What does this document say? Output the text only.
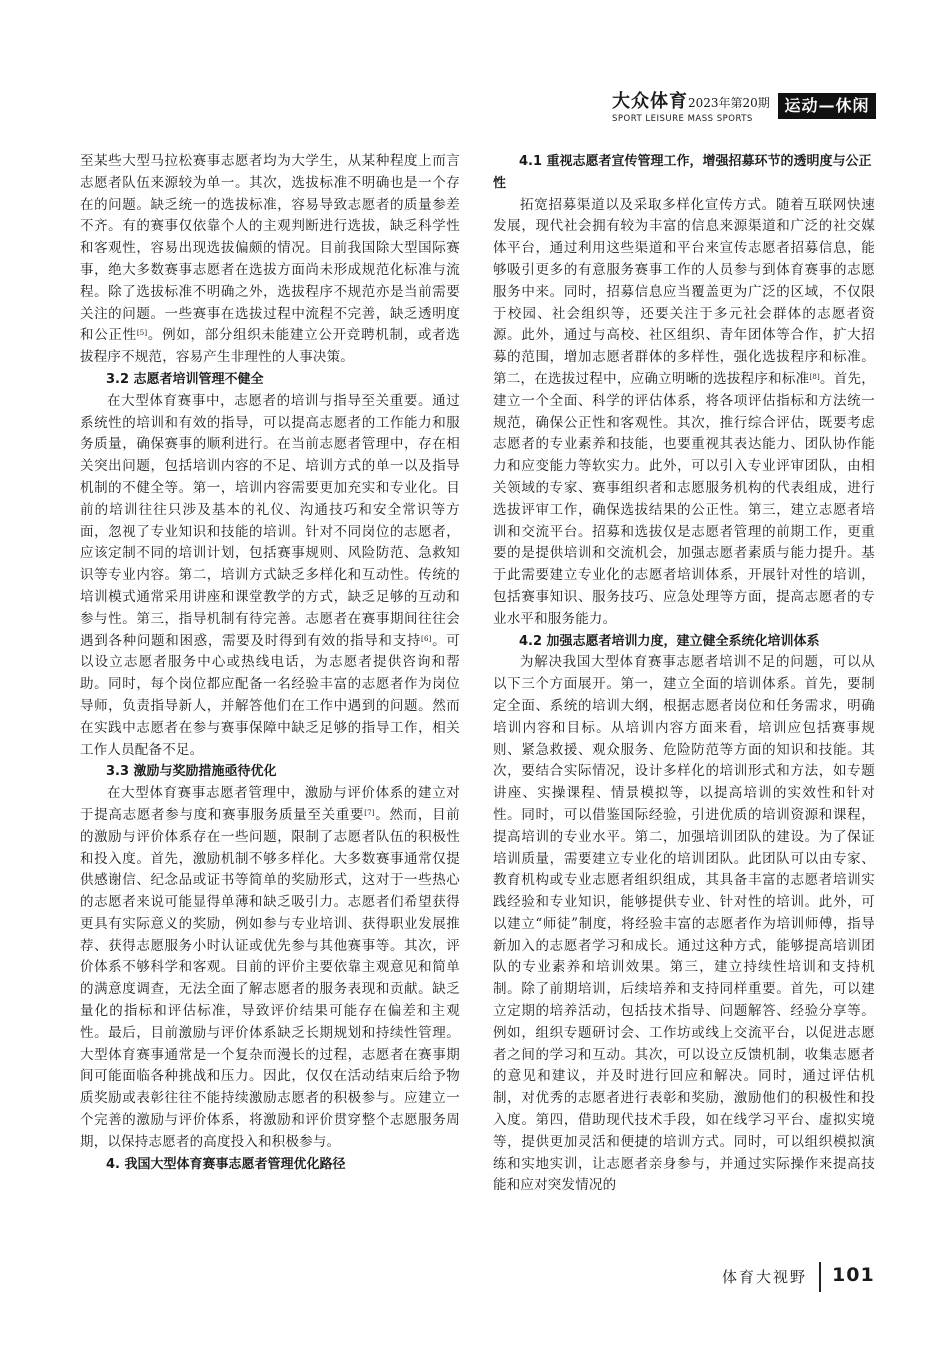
大众体育2023年第20期
SPORT LEISURE MASS SPORTS
运动—休闲

至某些大型马拉松赛事志愿者均为大学生，从某种程度上而言志愿者队伍来源较为单一。其次，选拔标准不明确也是一个存在的问题。缺乏统一的选拔标准，容易导致志愿者的质量参差不齐。有的赛事仅依靠个人的主观判断进行选拔，缺乏科学性和客观性，容易出现选拔偏颇的情况。目前我国除大型国际赛事，绝大多数赛事志愿者在选拔方面尚未形成规范化标准与流程。除了选拔标准不明确之外，选拔程序不规范亦是当前需要关注的问题。一些赛事在选拔过程中流程不完善，缺乏透明度和公正性[5]。例如，部分组织未能建立公开竞聘机制，或者选拔程序不规范，容易产生非理性的人事决策。

3.2 志愿者培训管理不健全

在大型体育赛事中，志愿者的培训与指导至关重要。通过系统性的培训和有效的指导，可以提高志愿者的工作能力和服务质量，确保赛事的顺利进行。在当前志愿者管理中，存在相关突出问题，包括培训内容的不足、培训方式的单一以及指导机制的不健全等。第一，培训内容需要更加充实和专业化。目前的培训往往只涉及基本的礼仪、沟通技巧和安全常识等方面，忽视了专业知识和技能的培训。针对不同岗位的志愿者，应该定制不同的培训计划，包括赛事规则、风险防范、急救知识等专业内容。第二，培训方式缺乏多样化和互动性。传统的培训模式通常采用讲座和课堂教学的方式，缺乏足够的互动和参与性。第三，指导机制有待完善。志愿者在赛事期间往往会遇到各种问题和困惑，需要及时得到有效的指导和支持[6]。可以设立志愿者服务中心或热线电话，为志愿者提供咨询和帮助。同时，每个岗位都应配备一名经验丰富的志愿者作为岗位导师，负责指导新人，并解答他们在工作中遇到的问题。然而在实践中志愿者在参与赛事保障中缺乏足够的指导工作，相关工作人员配备不足。

3.3 激励与奖励措施亟待优化

在大型体育赛事志愿者管理中，激励与评价体系的建立对于提高志愿者参与度和赛事服务质量至关重要[7]。然而，目前的激励与评价体系存在一些问题，限制了志愿者队伍的积极性和投入度。首先，激励机制不够多样化。大多数赛事通常仅提供感谢信、纪念品或证书等简单的奖励形式，这对于一些热心的志愿者来说可能显得单薄和缺乏吸引力。志愿者们希望获得更具有实际意义的奖励，例如参与专业培训、获得职业发展推荐、获得志愿服务小时认证或优先参与其他赛事等。其次，评价体系不够科学和客观。目前的评价主要依靠主观意见和简单的满意度调查，无法全面了解志愿者的服务表现和贡献。缺乏量化的指标和评估标准，导致评价结果可能存在偏差和主观性。最后，目前激励与评价体系缺乏长期规划和持续性管理。大型体育赛事通常是一个复杂而漫长的过程，志愿者在赛事期间可能面临各种挑战和压力。因此，仅仅在活动结束后给予物质奖励或表彰往往不能持续激励志愿者的积极参与。应建立一个完善的激励与评价体系，将激励和评价贯穿整个志愿服务周期，以保持志愿者的高度投入和积极参与。

4. 我国大型体育赛事志愿者管理优化路径
4.1 重视志愿者宣传管理工作，增强招募环节的透明度与公正性

拓宽招募渠道以及采取多样化宣传方式。随着互联网快速发展，现代社会拥有较为丰富的信息来源渠道和广泛的社交媒体平台，通过利用这些渠道和平台来宣传志愿者招募信息，能够吸引更多的有意服务赛事工作的人员参与到体育赛事的志愿服务中来。同时，招募信息应当覆盖更为广泛的区域，不仅限于校园、社会组织等，还要关注于多元社会群体的志愿者资源。此外，通过与高校、社区组织、青年团体等合作，扩大招募的范围，增加志愿者群体的多样性，强化选拔程序和标准。第二，在选拔过程中，应确立明晰的选拔程序和标准[8]。首先，建立一个全面、科学的评估体系，将各项评估指标和方法统一规范，确保公正性和客观性。其次，推行综合评估，既要考虑志愿者的专业素养和技能，也要重视其表达能力、团队协作能力和应变能力等软实力。此外，可以引入专业评审团队，由相关领域的专家、赛事组织者和志愿服务机构的代表组成，进行选拔评审工作，确保选拔结果的公正性。第三，建立志愿者培训和交流平台。招募和选拔仅是志愿者管理的前期工作，更重要的是提供培训和交流机会，加强志愿者素质与能力提升。基于此需要建立专业化的志愿者培训体系，开展针对性的培训，包括赛事知识、服务技巧、应急处理等方面，提高志愿者的专业水平和服务能力。

4.2 加强志愿者培训力度，建立健全系统化培训体系

为解决我国大型体育赛事志愿者培训不足的问题，可以从以下三个方面展开。第一，建立全面的培训体系。首先，要制定全面、系统的培训大纲，根据志愿者岗位和任务需求，明确培训内容和目标。从培训内容方面来看，培训应包括赛事规则、紧急救援、观众服务、危险防范等方面的知识和技能。其次，要结合实际情况，设计多样化的培训形式和方法，如专题讲座、实操课程、情景模拟等，以提高培训的实效性和针对性。同时，可以借鉴国际经验，引进优质的培训资源和课程，提高培训的专业水平。第二，加强培训团队的建设。为了保证培训质量，需要建立专业化的培训团队。此团队可以由专家、教育机构或专业志愿者组织组成，其具备丰富的志愿者培训实践经验和专业知识，能够提供专业、针对性的培训。此外，可以建立“师徒”制度，将经验丰富的志愿者作为培训师傅，指导新加入的志愿者学习和成长。通过这种方式，能够提高培训团队的专业素养和培训效果。第三，建立持续性培训和支持机制。除了前期培训，后续培养和支持同样重要。首先，可以建立定期的培养活动，包括技术指导、问题解答、经验分享等。例如，组织专题研讨会、工作坊或线上交流平台，以促进志愿者之间的学习和互动。其次，可以设立反馈机制，收集志愿者的意见和建议，并及时进行回应和解决。同时，通过评估机制，对优秀的志愿者进行表彰和奖励，激励他们的积极性和投入度。第四，借助现代技术手段，如在线学习平台、虚拟实境等，提供更加灵活和便捷的培训方式。同时，可以组织模拟演练和实地实训，让志愿者亲身参与，并通过实际操作来提高技能和应对突发情况的

体育大视野 101
